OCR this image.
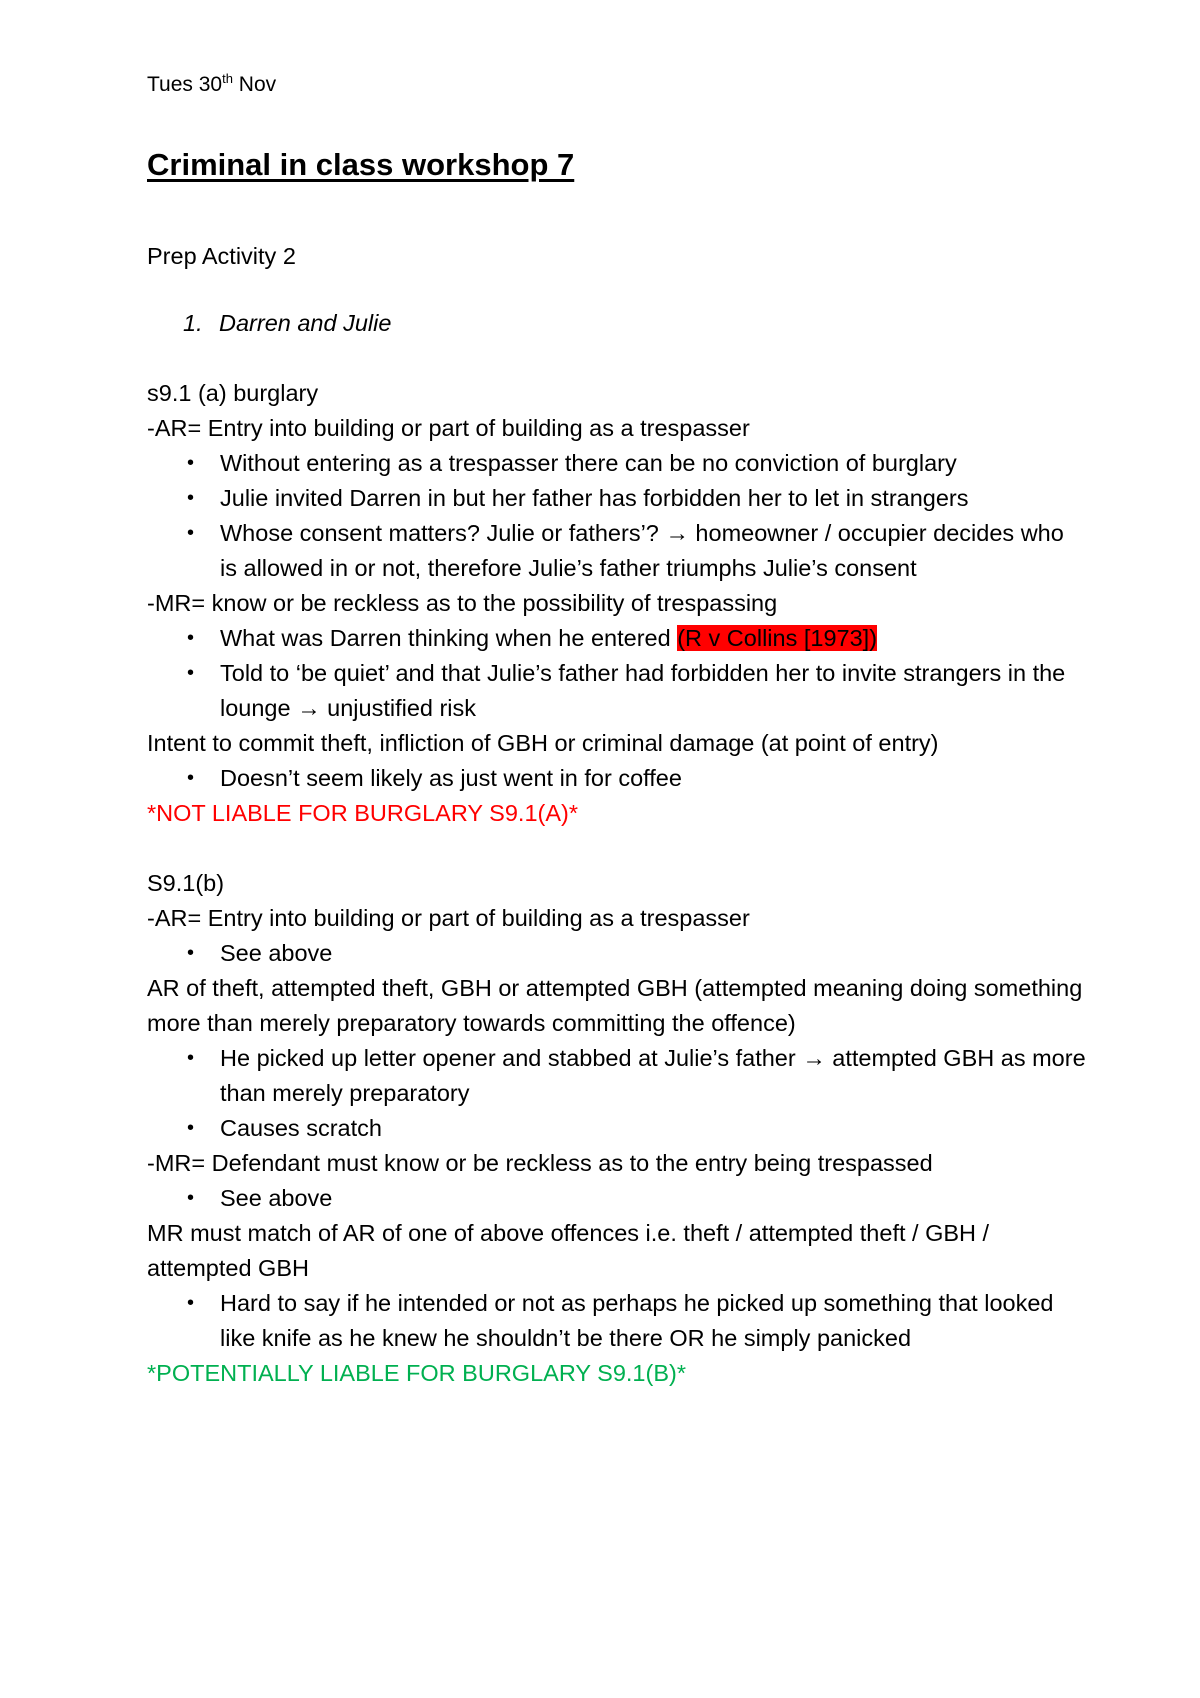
Tues 30th Nov

Criminal in class workshop 7

Prep Activity 2

1. Darren and Julie

s9.1 (a) burglary

-AR= Entry into building or part of building as a trespasser

• Without entering as a trespasser there can be no conviction of burglary
• Julie invited Darren in but her father has forbidden her to let in strangers
• Whose consent matters? Julie or fathers’? → homeowner / occupier decides who is allowed in or not, therefore Julie’s father triumphs Julie’s consent

-MR= know or be reckless as to the possibility of trespassing

• What was Darren thinking when he entered (R v Collins [1973])
• Told to ‘be quiet’ and that Julie’s father had forbidden her to invite strangers in the lounge → unjustified risk

Intent to commit theft, infliction of GBH or criminal damage (at point of entry)

• Doesn’t seem likely as just went in for coffee

*NOT LIABLE FOR BURGLARY S9.1(A)*

S9.1(b)

-AR= Entry into building or part of building as a trespasser

• See above

AR of theft, attempted theft, GBH or attempted GBH (attempted meaning doing something more than merely preparatory towards committing the offence)

• He picked up letter opener and stabbed at Julie’s father → attempted GBH as more than merely preparatory
• Causes scratch

-MR= Defendant must know or be reckless as to the entry being trespassed

• See above

MR must match of AR of one of above offences i.e. theft / attempted theft / GBH / attempted GBH

• Hard to say if he intended or not as perhaps he picked up something that looked like knife as he knew he shouldn’t be there OR he simply panicked

*POTENTIALLY LIABLE FOR BURGLARY S9.1(B)*
